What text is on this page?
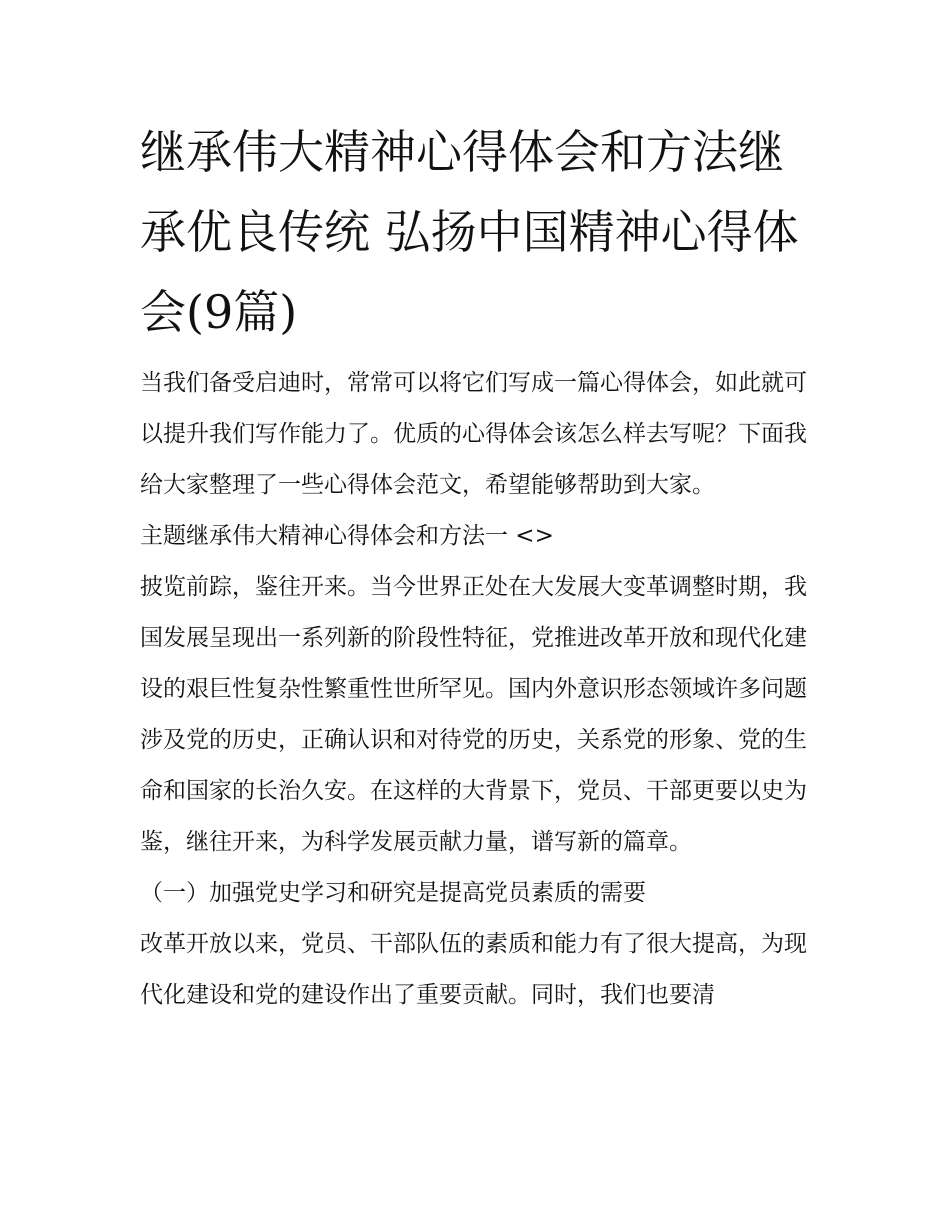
继承伟大精神心得体会和方法继承优良传统 弘扬中国精神心得体会(9篇)

当我们备受启迪时，常常可以将它们写成一篇心得体会，如此就可以提升我们写作能力了。优质的心得体会该怎么样去写呢？下面我给大家整理了一些心得体会范文，希望能够帮助到大家。

主题继承伟大精神心得体会和方法一 <>

披览前踪，鉴往开来。当今世界正处在大发展大变革调整时期，我国发展呈现出一系列新的阶段性特征，党推进改革开放和现代化建设的艰巨性复杂性繁重性世所罕见。国内外意识形态领域许多问题涉及党的历史，正确认识和对待党的历史，关系党的形象、党的生命和国家的长治久安。在这样的大背景下，党员、干部更要以史为鉴，继往开来，为科学发展贡献力量，谱写新的篇章。

（一）加强党史学习和研究是提高党员素质的需要

改革开放以来，党员、干部队伍的素质和能力有了很大提高，为现代化建设和党的建设作出了重要贡献。同时，我们也要清
